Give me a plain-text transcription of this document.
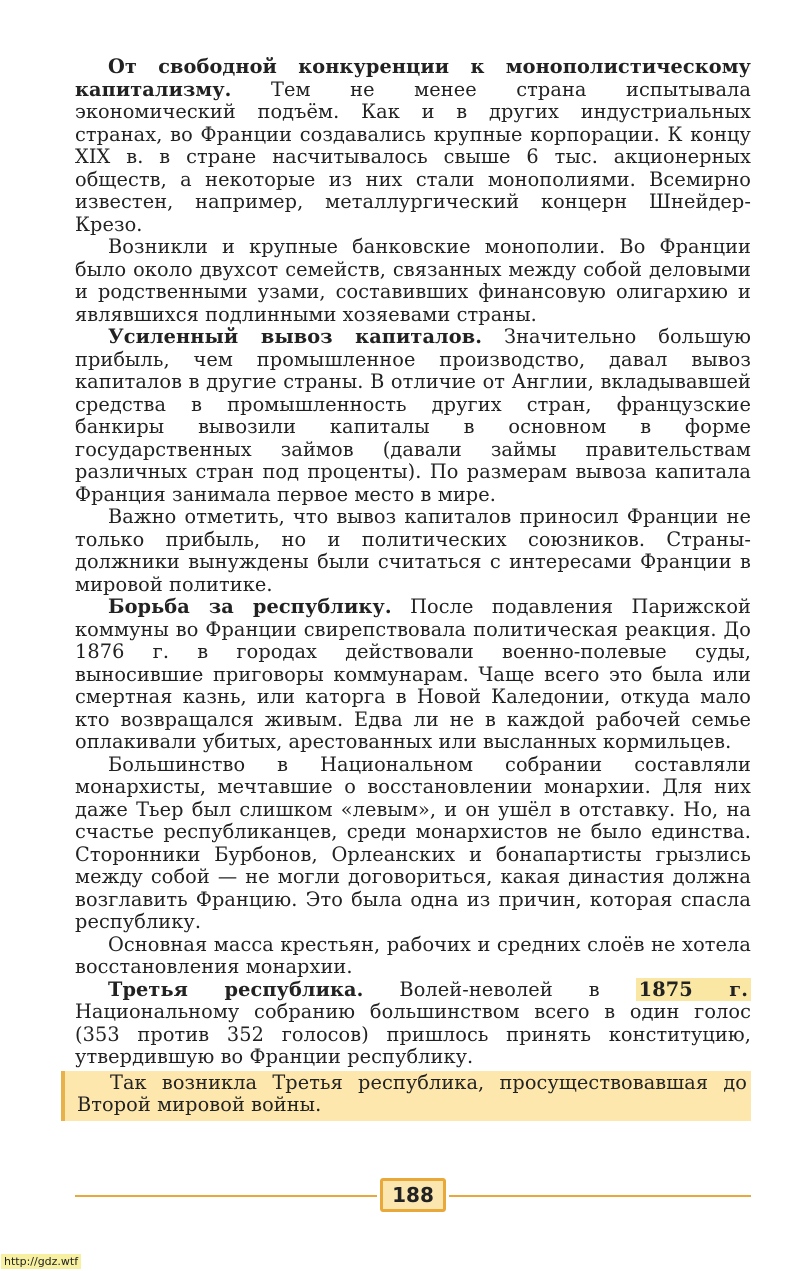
От свободной конкуренции к монополистическому капитализму. Тем не менее страна испытывала экономический подъём. Как и в других индустриальных странах, во Франции создавались крупные корпорации. К концу XIX в. в стране насчитывалось свыше 6 тыс. акционерных обществ, а некоторые из них стали монополиями. Всемирно известен, например, металлургический концерн Шнейдер-Крезо.

Возникли и крупные банковские монополии. Во Франции было около двухсот семейств, связанных между собой деловыми и родственными узами, составивших финансовую олигархию и являвшихся подлинными хозяевами страны.

Усиленный вывоз капиталов. Значительно большую прибыль, чем промышленное производство, давал вывоз капиталов в другие страны. В отличие от Англии, вкладывавшей средства в промышленность других стран, французские банкиры вывозили капиталы в основном в форме государственных займов (давали займы правительствам различных стран под проценты). По размерам вывоза капитала Франция занимала первое место в мире.

Важно отметить, что вывоз капиталов приносил Франции не только прибыль, но и политических союзников. Страны-должники вынуждены были считаться с интересами Франции в мировой политике.

Борьба за республику. После подавления Парижской коммуны во Франции свирепствовала политическая реакция. До 1876 г. в городах действовали военно-полевые суды, выносившие приговоры коммунарам. Чаще всего это была или смертная казнь, или каторга в Новой Каледонии, откуда мало кто возвращался живым. Едва ли не в каждой рабочей семье оплакивали убитых, арестованных или высланных кормильцев.

Большинство в Национальном собрании составляли монархисты, мечтавшие о восстановлении монархии. Для них даже Тьер был слишком «левым», и он ушёл в отставку. Но, на счастье республиканцев, среди монархистов не было единства. Сторонники Бурбонов, Орлеанских и бонапартисты грызлись между собой — не могли договориться, какая династия должна возглавить Францию. Это была одна из причин, которая спасла республику.

Основная масса крестьян, рабочих и средних слоёв не хотела восстановления монархии.

Третья республика. Волей-неволей в 1875 г. Национальному собранию большинством всего в один голос (353 против 352 голосов) пришлось принять конституцию, утвердившую во Франции республику.

Так возникла Третья республика, просуществовавшая до Второй мировой войны.

188
http://gdz.wtf
